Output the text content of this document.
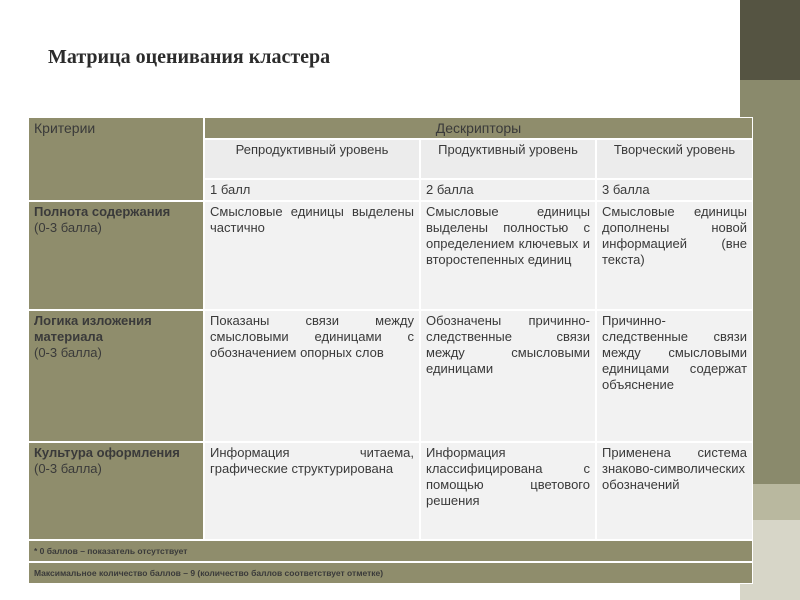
Матрица оценивания кластера
Критерии	Дескрипторы		
	Репродуктивный уровень	Продуктивный уровень	Творческий уровень
	1 балл	2 балла	3 балла

Полнота содержания
(0-3 балла)	Смысловые единицы выделены частично	Смысловые единицы выделены полностью с определением ключевых и второстепенных единиц	Смысловые единицы дополнены новой информацией (вне текста)

Логика изложения материала
(0-3 балла)	Показаны связи между смысловыми единицами с обозначением опорных слов	Обозначены причинно-следственные связи между смысловыми единицами	Причинно-следственные связи между смысловыми единицами содержат объяснение

Культура оформления
(0-3 балла)	Информация читаема, графические структурирована	Информация классифицирована с помощью цветового решения	Применена система знаково-символических обозначений
* 0 баллов – показатель отсутствует			
Максимальное количество баллов – 9 (количество баллов соответствует отметке)			
